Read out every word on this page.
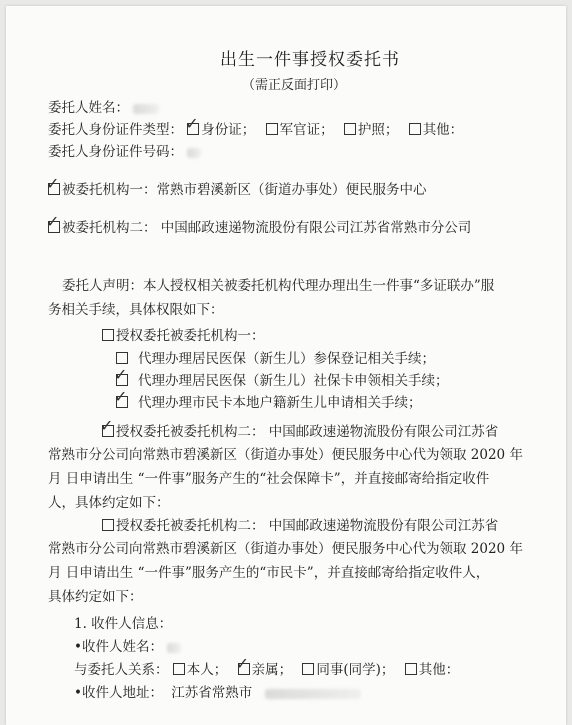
出生一件事授权委托书
（需正反面打印）
委托人姓名：
委托人身份证件类型： ✓ 身份证； 军官证； 护照； 其他：
委托人身份证件号码：
✓ 被委托机构一：常熟市碧溪新区（街道办事处）便民服务中心
✓ 被委托机构二： 中国邮政速递物流股份有限公司江苏省常熟市分公司
委托人声明：本人授权相关被委托机构代理办理出生一件事“多证联办”服
务相关手续，具体权限如下：
授权委托被委托机构一：
代理办理居民医保（新生儿）参保登记相关手续；
✓ 代理办理居民医保（新生儿）社保卡申领相关手续；
✓ 代理办理市民卡本地户籍新生儿申请相关手续；
✓ 授权委托被委托机构二： 中国邮政速递物流股份有限公司江苏省
常熟市分公司向常熟市碧溪新区（街道办事处）便民服务中心代为领取 2020 年
月 日申请出生 “一件事”服务产生的“社会保障卡”，并直接邮寄给指定收件
人，具体约定如下：
授权委托被委托机构二： 中国邮政速递物流股份有限公司江苏省
常熟市分公司向常熟市碧溪新区（街道办事处）便民服务中心代为领取 2020 年
月 日申请出生 “一件事”服务产生的“市民卡”，并直接邮寄给指定收件人，
具体约定如下：
1. 收件人信息：
•收件人姓名：
与委托人关系： 本人； ✓ 亲属； 同事(同学)； 其他：
•收件人地址： 江苏省常熟市
